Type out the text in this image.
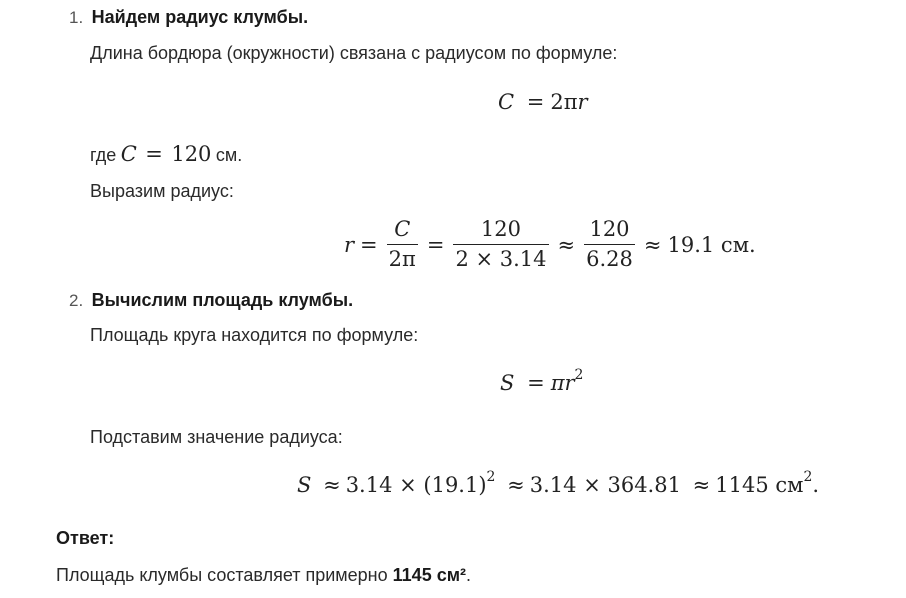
1. Найдем радиус клумбы.
Длина бордюра (окружности) связана с радиусом по формуле:
C = 2πr
где C = 120 см.
Выразим радиус:
$r = \frac{C}{2\pi} = \frac{120}{2 \times 3.14} \approx \frac{120}{6.28} \approx 19.1$ см.
2. Вычислим площадь клумбы.
Площадь круга находится по формуле:
$S = \pi r^2$
Подставим значение радиуса:
$S \approx 3.14 \times (19.1)^2 \approx 3.14 \times 364.81 \approx 1145$ $см^2$.
Ответ:
Площадь клумбы составляет примерно 1145 см².
